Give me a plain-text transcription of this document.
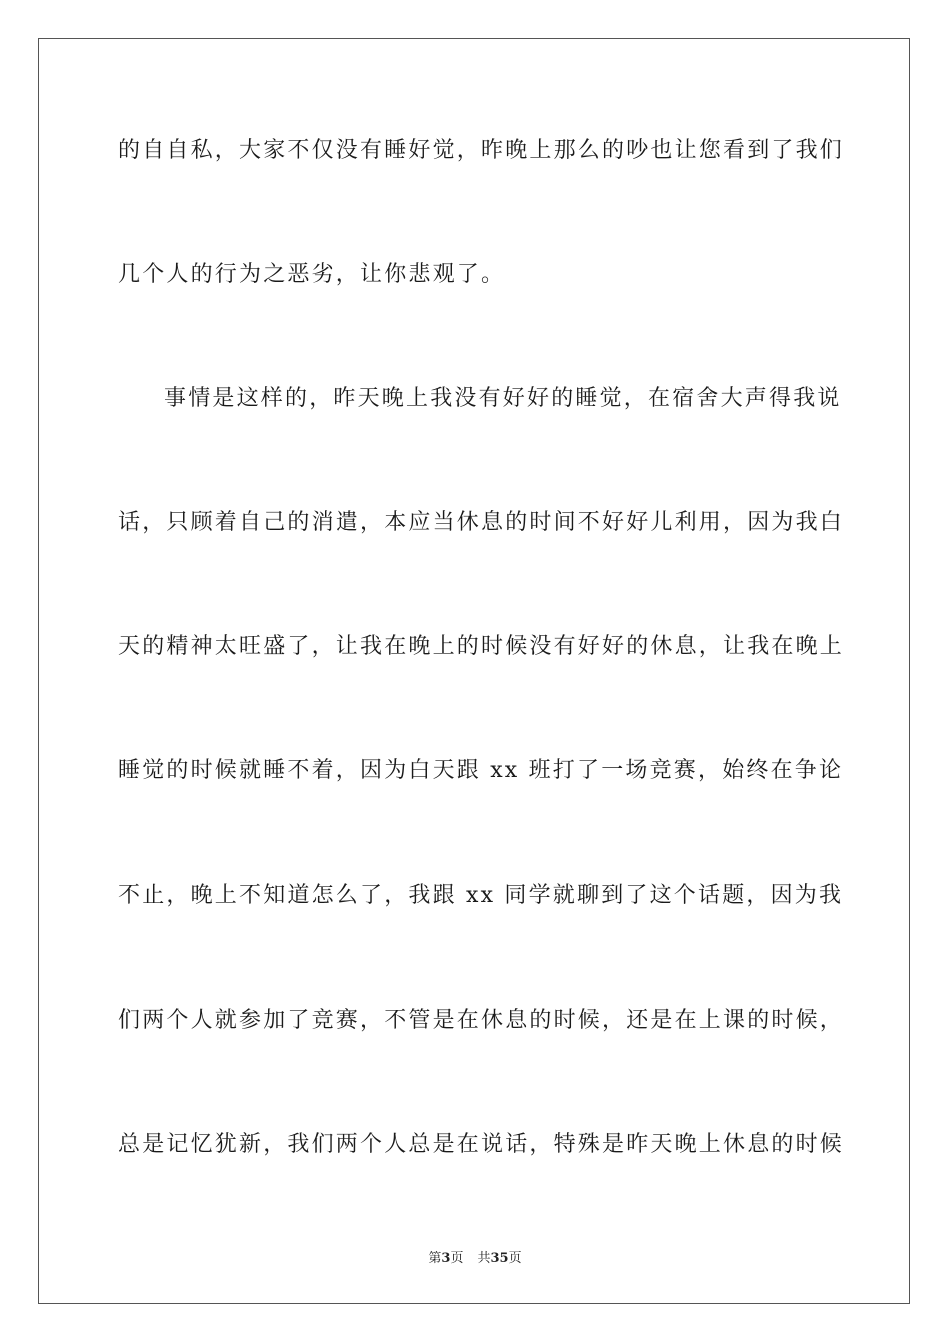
的自自私，大家不仅没有睡好觉，昨晚上那么的吵也让您看到了我们
几个人的行为之恶劣，让你悲观了。
事情是这样的，昨天晚上我没有好好的睡觉，在宿舍大声得我说
话，只顾着自己的消遣，本应当休息的时间不好好儿利用，因为我白
天的精神太旺盛了，让我在晚上的时候没有好好的休息，让我在晚上
睡觉的时候就睡不着，因为白天跟 xx 班打了一场竞赛，始终在争论
不止，晚上不知道怎么了，我跟 xx 同学就聊到了这个话题，因为我
们两个人就参加了竞赛，不管是在休息的时候，还是在上课的时候，
总是记忆犹新，我们两个人总是在说话，特殊是昨天晚上休息的时候
第3页 共35页
